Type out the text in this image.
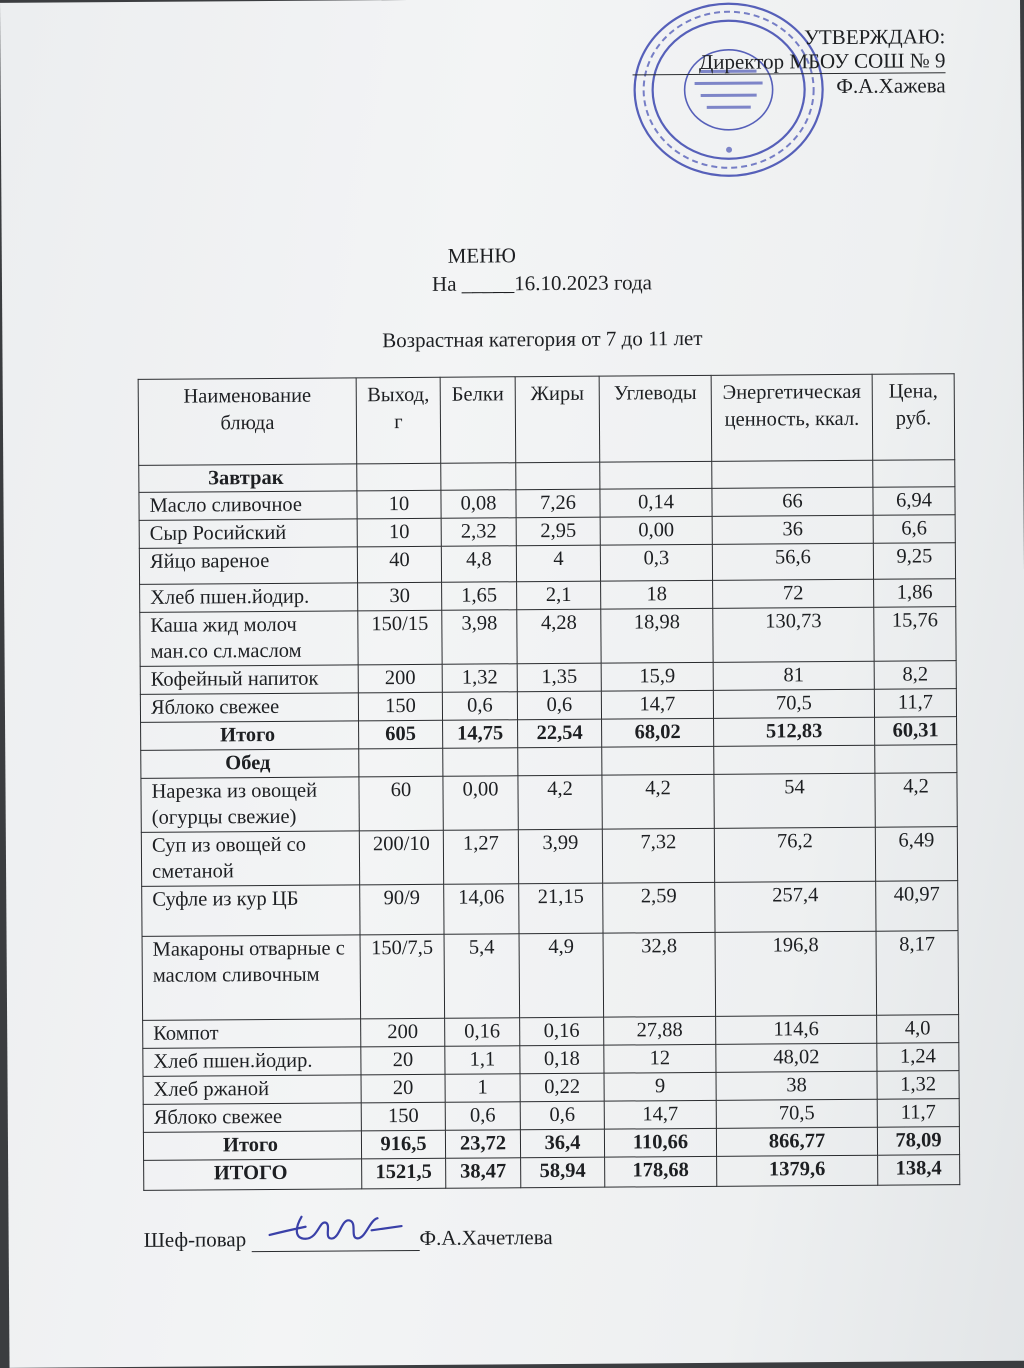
УТВЕРЖДАЮ:
Директор МБОУ СОШ № 9
Ф.А.Хажева
МЕНЮ
На _____16.10.2023 года
Возрастная категория от 7 до 11 лет
Наименование блюда	Выход, г	Белки	Жиры	Углеводы	Энергетическая ценность, ккал.	Цена, руб.
Завтрак						
Масло сливочное	10	0,08	7,26	0,14	66	6,94
Сыр Росийский	10	2,32	2,95	0,00	36	6,6
Яйцо вареное	40	4,8	4	0,3	56,6	9,25
Хлеб пшен.йодир.	30	1,65	2,1	18	72	1,86
Каша жид молоч ман.со сл.маслом	150/15	3,98	4,28	18,98	130,73	15,76
Кофейный напиток	200	1,32	1,35	15,9	81	8,2
Яблоко свежее	150	0,6	0,6	14,7	70,5	11,7
Итого	605	14,75	22,54	68,02	512,83	60,31
Обед						
Нарезка из овощей (огурцы свежие)	60	0,00	4,2	4,2	54	4,2
Суп из овощей со сметаной	200/10	1,27	3,99	7,32	76,2	6,49
Суфле из кур ЦБ	90/9	14,06	21,15	2,59	257,4	40,97
Макароны отварные с маслом сливочным	150/7,5	5,4	4,9	32,8	196,8	8,17
Компот	200	0,16	0,16	27,88	114,6	4,0
Хлеб пшен.йодир.	20	1,1	0,18	12	48,02	1,24
Хлеб ржаной	20	1	0,22	9	38	1,32
Яблоко свежее	150	0,6	0,6	14,7	70,5	11,7
Итого	916,5	23,72	36,4	110,66	866,77	78,09
ИТОГО	1521,5	38,47	58,94	178,68	1379,6	138,4
Шеф-повар	Ф.А.Хачетлева
